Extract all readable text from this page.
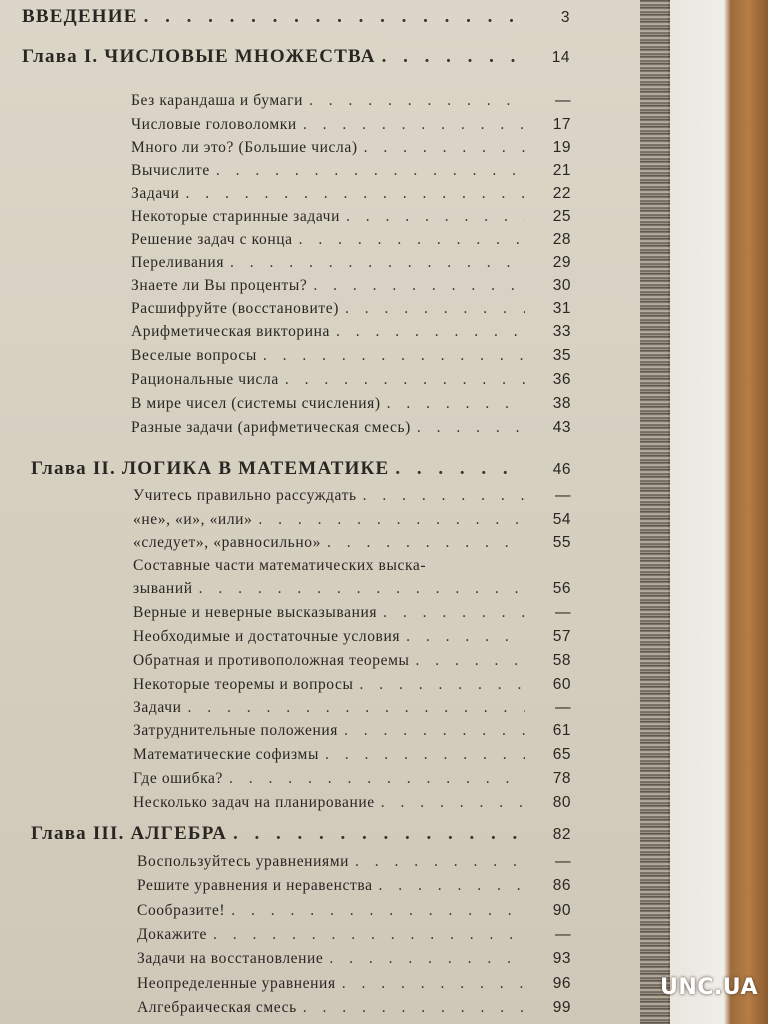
ВВЕДЕНИЕ . . .	3
Глава I. ЧИСЛОВЫЕ МНОЖЕСТВА . . .	14
Без карандаша и бумаги . . .	—
Числовые головоломки . . .	17
Много ли это? (Большие числа) . . .	19
Вычислите . . .	21
Задачи . . .	22
Некоторые старинные задачи . . .	25
Решение задач с конца . . .	28
Переливания . . .	29
Знаете ли Вы проценты? . . .	30
Расшифруйте (восстановите) . . .	31
Арифметическая викторина . . .	33
Веселые вопросы . . .	35
Рациональные числа . . .	36
В мире чисел (системы счисления) . . .	38
Разные задачи (арифметическая смесь) . . .	43
Глава II. ЛОГИКА В МАТЕМАТИКЕ . . .	46
Учитесь правильно рассуждать . . .	—
«не», «и», «или» . . .	54
«следует», «равносильно» . . .	55
Составные части математических выска-
зываний . . .	56
Верные и неверные высказывания . . .	—
Необходимые и достаточные условия . . .	57
Обратная и противоположная теоремы . . .	58
Некоторые теоремы и вопросы . . .	60
Задачи . . .	—
Затруднительные положения . . .	61
Математические софизмы . . .	65
Где ошибка? . . .	78
Несколько задач на планирование . . .	80
Глава III. АЛГЕБРА . . .	82
Воспользуйтесь уравнениями . . .	—
Решите уравнения и неравенства . . .	86
Сообразите! . . .	90
Докажите . . .	—
Задачи на восстановление . . .	93
Неопределенные уравнения . . .	96
Алгебраическая смесь . . .	99
UNC.UA
